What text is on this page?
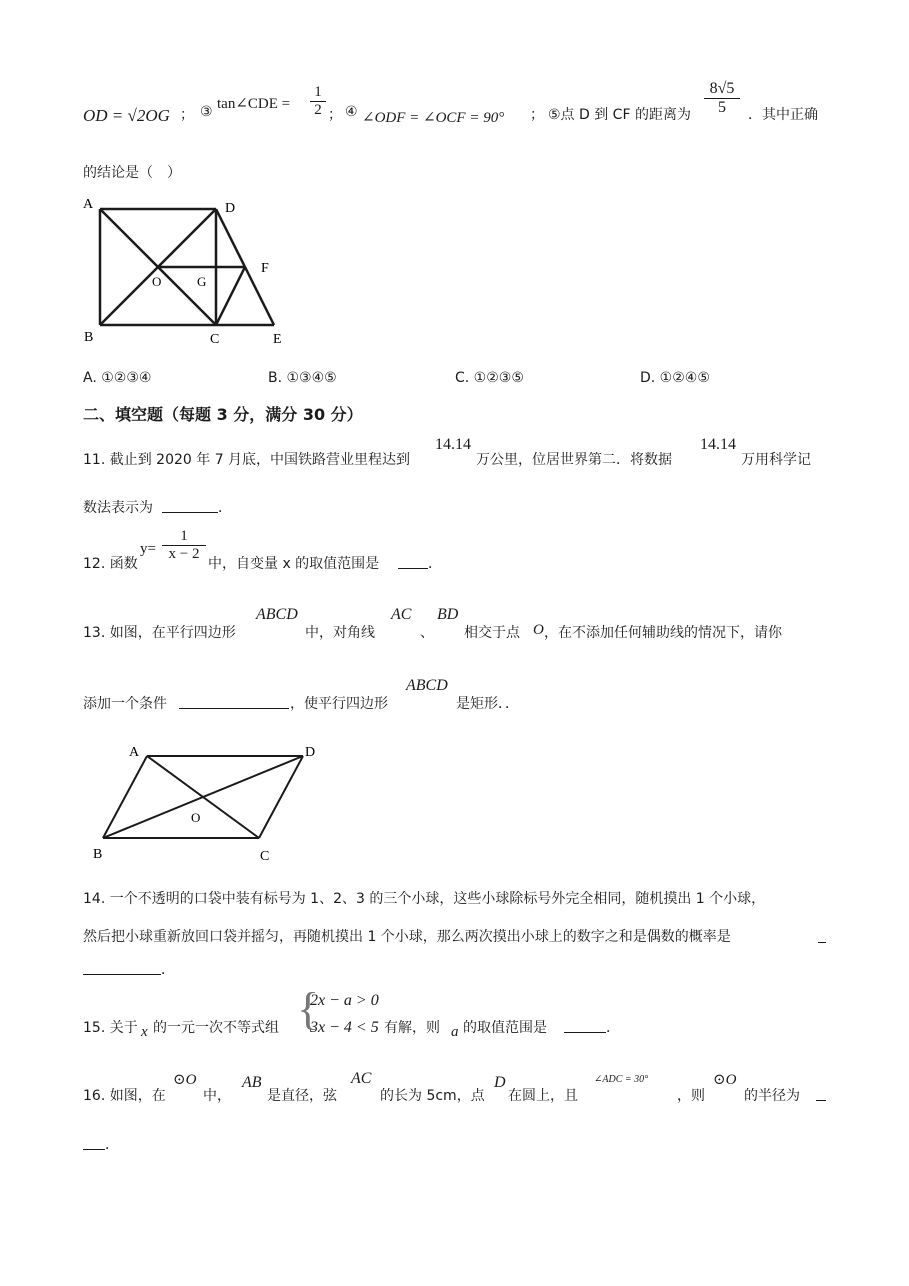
OD = √2OG ； ③ tan∠CDE =
1
2 ； ④ ∠ODF = ∠OCF = 90° ； ⑤点 D 到 CF 的距离为
8√5
5	．其中正确
的结论是（　）
A	D
O	G
F
B	C	E
A. ①②③④	B. ①③④⑤	C. ①②③⑤	D. ①②④⑤
二、填空题（每题 3 分，满分 30 分）
11. 截止到 2020 年 7 月底，中国铁路营业里程达到
14.14
万公里，位居世界第二．将数据
14.14
万用科学记
数法表示为	．
12. 函数
y=
1
x − 2
中，自变量 x 的取值范围是	．
13. 如图，在平行四边形
ABCD
中，对角线
AC
、
BD
相交于点 O ，在不添加任何辅助线的情况下，请你
添加一个条件	，使平行四边形
ABCD
是矩形．．
A	D
O
B	C
14. 一个不透明的口袋中装有标号为 1、2、3 的三个小球，这些小球除标号外完全相同，随机摸出 1 个小球，
然后把小球重新放回口袋并摇匀，再随机摸出 1 个小球，那么两次摸出小球上的数字之和是偶数的概率是
．
15. 关于 x 的一元一次不等式组 {
2x − a > 0
3x − 4 < 5 有解，则 a 的取值范围是	．
16. 如图，在
⊙O
中，
AB
是直径，弦
AC
的长为 5cm，点
D
在圆上，且
∠ADC = 30°
，则
⊙O
的半径为
．
